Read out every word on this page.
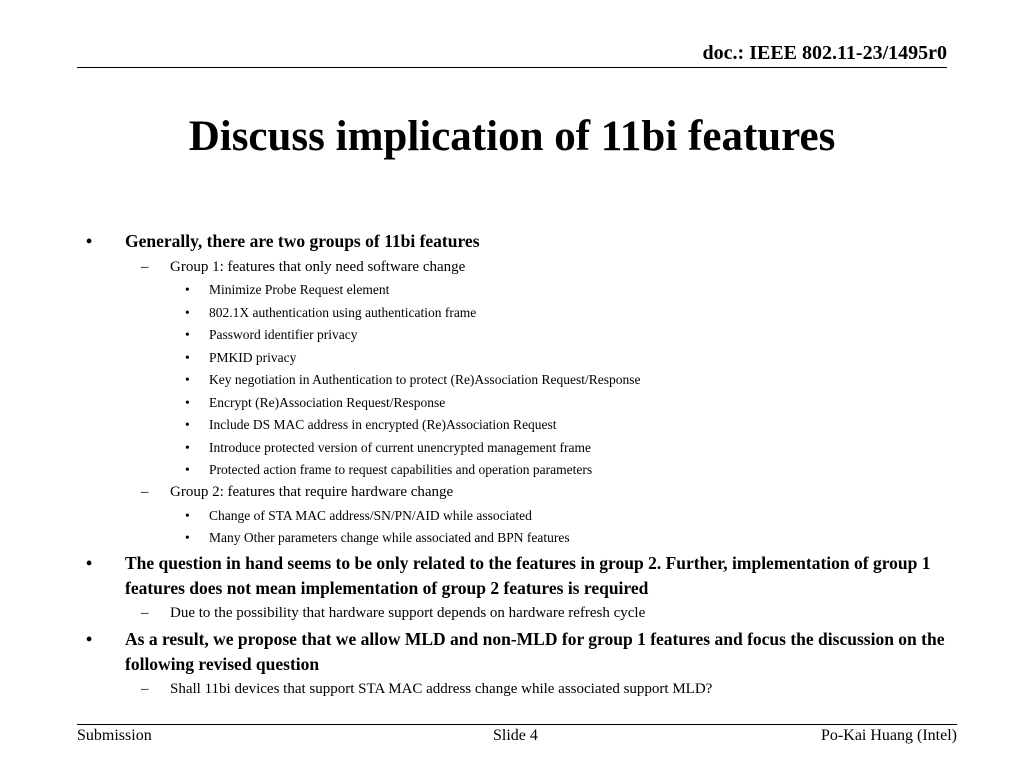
doc.: IEEE 802.11-23/1495r0
Discuss implication of 11bi features
• Generally, there are two groups of 11bi features
– Group 1: features that only need software change
• Minimize Probe Request element
• 802.1X authentication using authentication frame
• Password identifier privacy
• PMKID privacy
• Key negotiation in Authentication to protect (Re)Association Request/Response
• Encrypt (Re)Association Request/Response
• Include DS MAC address in encrypted (Re)Association Request
• Introduce protected version of current unencrypted management frame
• Protected action frame to request capabilities and operation parameters
– Group 2: features that require hardware change
• Change of STA MAC address/SN/PN/AID while associated
• Many Other parameters change while associated and BPN features
• The question in hand seems to be only related to the features in group 2. Further, implementation of group 1 features does not mean implementation of group 2 features is required
– Due to the possibility that hardware support depends on hardware refresh cycle
• As a result, we propose that we allow MLD and non-MLD for group 1 features and focus the discussion on the following revised question
– Shall 11bi devices that support STA MAC address change while associated support MLD?
Submission	Slide 4	Po-Kai Huang (Intel)
